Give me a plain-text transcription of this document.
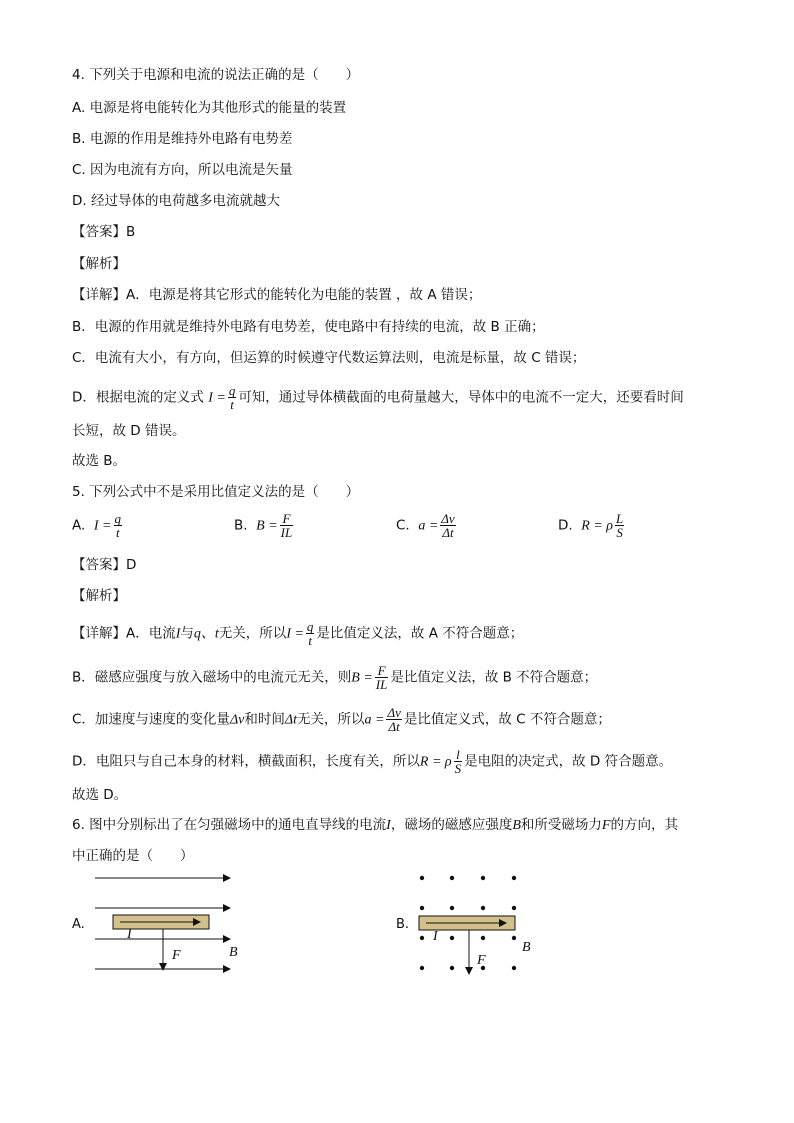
4. 下列关于电源和电流的说法正确的是（　　）
A. 电源是将电能转化为其他形式的能量的装置
B. 电源的作用是维持外电路有电势差
C. 因为电流有方向，所以电流是矢量
D. 经过导体的电荷越多电流就越大
【答案】B
【解析】
【详解】A．电源是将其它形式的能转化为电能的装置 ，故 A 错误；
B．电源的作用就是维持外电路有电势差，使电路中有持续的电流，故 B 正确；
C．电流有大小，有方向，但运算的时候遵守代数运算法则，电流是标量，故 C 错误；
D．根据电流的定义式 $I = \frac{q}{t}$ 可知，通过导体横截面的电荷量越大，导体中的电流不一定大，还要看时间
长短，故 D 错误。
故选 B。
5. 下列公式中不是采用比值定义法的是（　　）
A. $I = \frac{q}{t}$	B. $B = \frac{F}{IL}$	C. $a = \frac{\Delta v}{\Delta t}$	D. R = ρ $\frac{L}{S}$
【答案】D
【解析】
【详解】A．电流I与q、t无关，所以$I = \frac{q}{t}$ 是比值定义法，故 A 不符合题意；
B．磁感应强度与放入磁场中的电流元无关，则$B = \frac{F}{IL}$ 是比值定义法，故 B 不符合题意；
C．加速度与速度的变化量Δv和时间Δt无关，所以$a = \frac{\Delta v}{\Delta t}$ 是比值定义式，故 C 不符合题意；
D．电阻只与自己本身的材料，横截面积，长度有关，所以R = ρ $\frac{l}{S}$ 是电阻的决定式，故 D 符合题意。
故选 D。
6. 图中分别标出了在匀强磁场中的通电直导线的电流I，磁场的磁感应强度B和所受磁场力F的方向，其
中正确的是（　　）
A.
I
F	B
B.
I
F
B
